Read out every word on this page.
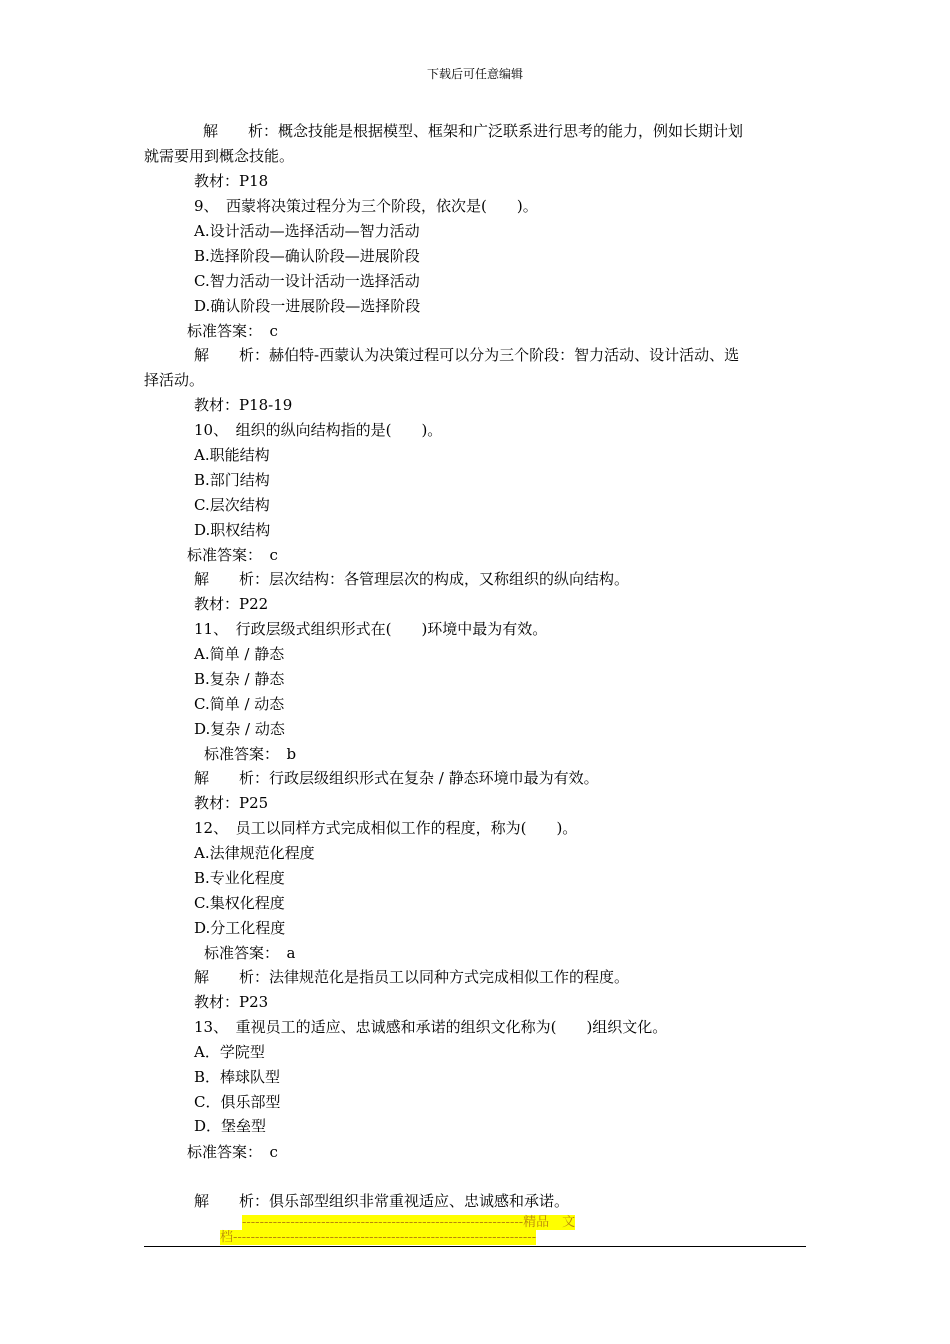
下载后可任意编辑
解　　析：概念技能是根据模型、框架和广泛联系进行思考的能力，例如长期计划
就需要用到概念技能。
教材：P18
9、　西蒙将决策过程分为三个阶段，依次是(　　)。
A.设计活动—选择活动—智力活动
B.选择阶段—确认阶段—进展阶段
C.智力活动一设计活动一选择活动
D.确认阶段一进展阶段—选择阶段
标准答案：　c
解　　析：赫伯特-西蒙认为决策过程可以分为三个阶段：智力活动、设计活动、选
择活动。
教材：P18-19
10、　组织的纵向结构指的是(　　)。
A.职能结构
B.部门结构
C.层次结构
D.职权结构
标准答案：　c
解　　析：层次结构：各管理层次的构成，又称组织的纵向结构。
教材：P22
11、　行政层级式组织形式在(　　)环境中最为有效。
A.简单 / 静态
B.复杂 / 静态
C.简单 / 动态
D.复杂 / 动态
标准答案：　b
解　　析：行政层级组织形式在复杂 / 静态环境巾最为有效。
教材：P25
12、　员工以同样方式完成相似工作的程度，称为(　　)。
A.法律规范化程度
B.专业化程度
C.集权化程度
D.分工化程度
标准答案：　a
解　　析：法律规范化是指员工以同种方式完成相似工作的程度。
教材：P23
13、　重视员工的适应、忠诚感和承诺的组织文化称为(　　)组织文化。
A．学院型
B．棒球队型
C．俱乐部型
D．堡垒型
标准答案：　c
解　　析：俱乐部型组织非常重视适应、忠诚感和承诺。
----------------------------------------------------------------精品　文
档---------------------------------------------------------------------
